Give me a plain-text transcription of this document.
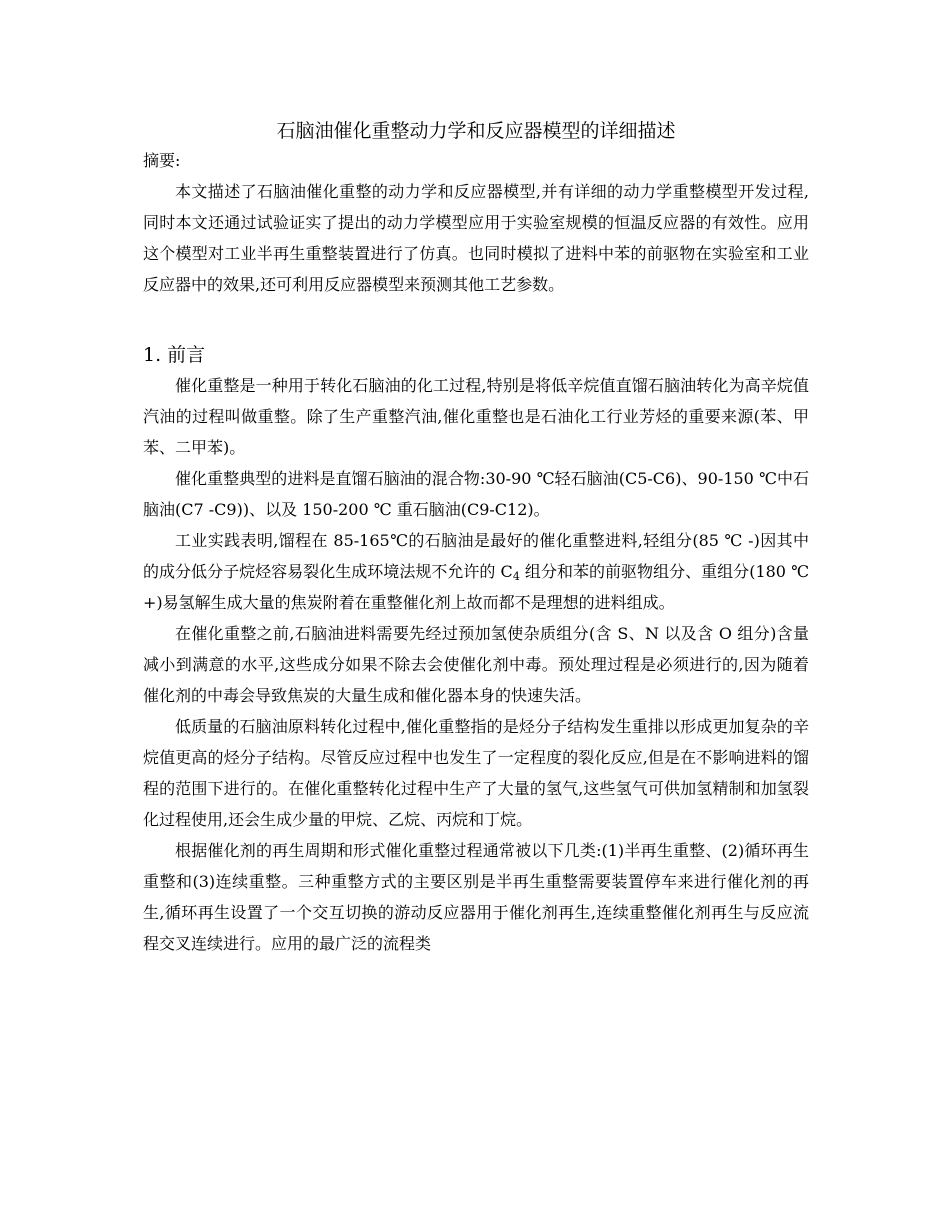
石脑油催化重整动力学和反应器模型的详细描述

摘要:

本文描述了石脑油催化重整的动力学和反应器模型,并有详细的动力学重整模型开发过程,同时本文还通过试验证实了提出的动力学模型应用于实验室规模的恒温反应器的有效性。应用这个模型对工业半再生重整装置进行了仿真。也同时模拟了进料中苯的前驱物在实验室和工业反应器中的效果,还可利用反应器模型来预测其他工艺参数。

1. 前言

催化重整是一种用于转化石脑油的化工过程,特别是将低辛烷值直馏石脑油转化为高辛烷值汽油的过程叫做重整。除了生产重整汽油,催化重整也是石油化工行业芳烃的重要来源(苯、甲苯、二甲苯)。

催化重整典型的进料是直馏石脑油的混合物:30-90 ℃轻石脑油(C5-C6)、90-150 ℃中石脑油(C7 -C9))、以及 150-200 ℃ 重石脑油(C9-C12)。

工业实践表明,馏程在 85-165℃的石脑油是最好的催化重整进料,轻组分(85 ℃ -)因其中的成分低分子烷烃容易裂化生成环境法规不允许的 $C_4$ 组分和苯的前驱物组分、重组分(180 ℃ +)易氢解生成大量的焦炭附着在重整催化剂上故而都不是理想的进料组成。

在催化重整之前,石脑油进料需要先经过预加氢使杂质组分(含 S、N 以及含 O 组分)含量减小到满意的水平,这些成分如果不除去会使催化剂中毒。预处理过程是必须进行的,因为随着催化剂的中毒会导致焦炭的大量生成和催化器本身的快速失活。

低质量的石脑油原料转化过程中,催化重整指的是烃分子结构发生重排以形成更加复杂的辛烷值更高的烃分子结构。尽管反应过程中也发生了一定程度的裂化反应,但是在不影响进料的馏程的范围下进行的。在催化重整转化过程中生产了大量的氢气,这些氢气可供加氢精制和加氢裂化过程使用,还会生成少量的甲烷、乙烷、丙烷和丁烷。

根据催化剂的再生周期和形式催化重整过程通常被以下几类:(1)半再生重整、(2)循环再生重整和(3)连续重整。三种重整方式的主要区别是半再生重整需要装置停车来进行催化剂的再生,循环再生设置了一个交互切换的游动反应器用于催化剂再生,连续重整催化剂再生与反应流程交叉连续进行。应用的最广泛的流程类
